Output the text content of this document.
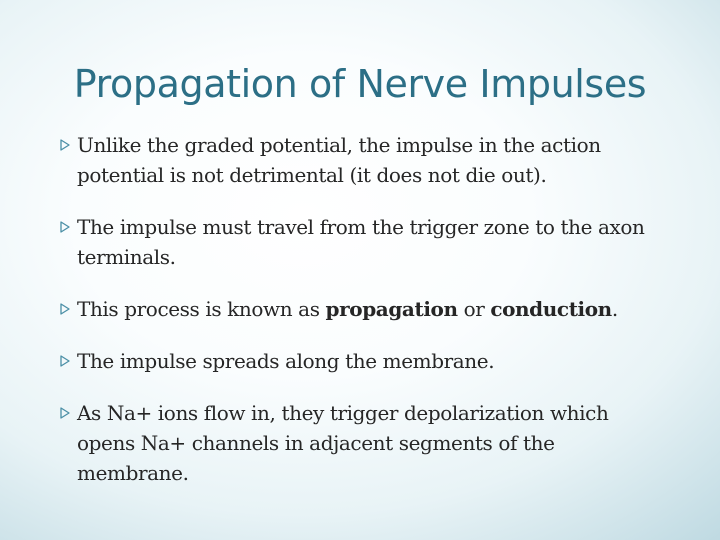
Propagation of Nerve Impulses
Unlike the graded potential, the impulse in the action potential is not detrimental (it does not die out).
The impulse must travel from the trigger zone to the axon terminals.
This process is known as propagation or conduction.
The impulse spreads along the membrane.
As Na+ ions flow in, they trigger depolarization which opens Na+ channels in adjacent segments of the membrane.
